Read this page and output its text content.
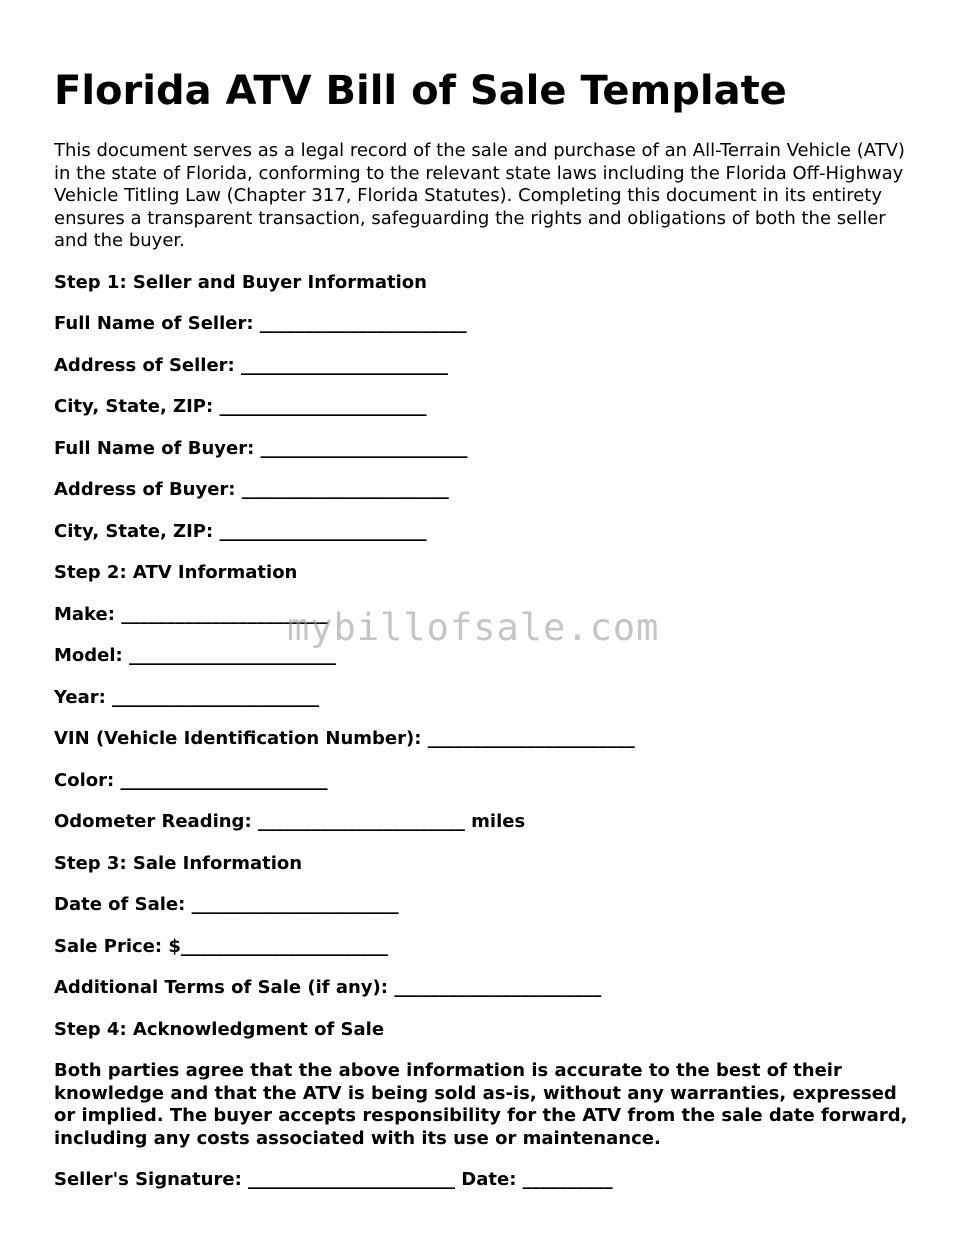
Florida ATV Bill of Sale Template

This document serves as a legal record of the sale and purchase of an All-Terrain Vehicle (ATV) in the state of Florida, conforming to the relevant state laws including the Florida Off-Highway Vehicle Titling Law (Chapter 317, Florida Statutes). Completing this document in its entirety ensures a transparent transaction, safeguarding the rights and obligations of both the seller and the buyer.

Step 1: Seller and Buyer Information

Full Name of Seller: _______________________

Address of Seller: _______________________

City, State, ZIP: _______________________

Full Name of Buyer: _______________________

Address of Buyer: _______________________

City, State, ZIP: _______________________

Step 2: ATV Information

Make: _______________________

Model: _______________________

Year: _______________________

VIN (Vehicle Identification Number): _______________________

Color: _______________________

Odometer Reading: _______________________ miles

Step 3: Sale Information

Date of Sale: _______________________

Sale Price: $_______________________

Additional Terms of Sale (if any): _______________________

Step 4: Acknowledgment of Sale

Both parties agree that the above information is accurate to the best of their knowledge and that the ATV is being sold as-is, without any warranties, expressed or implied. The buyer accepts responsibility for the ATV from the sale date forward, including any costs associated with its use or maintenance.

Seller's Signature: _______________________ Date: __________

mybillofsale.com
